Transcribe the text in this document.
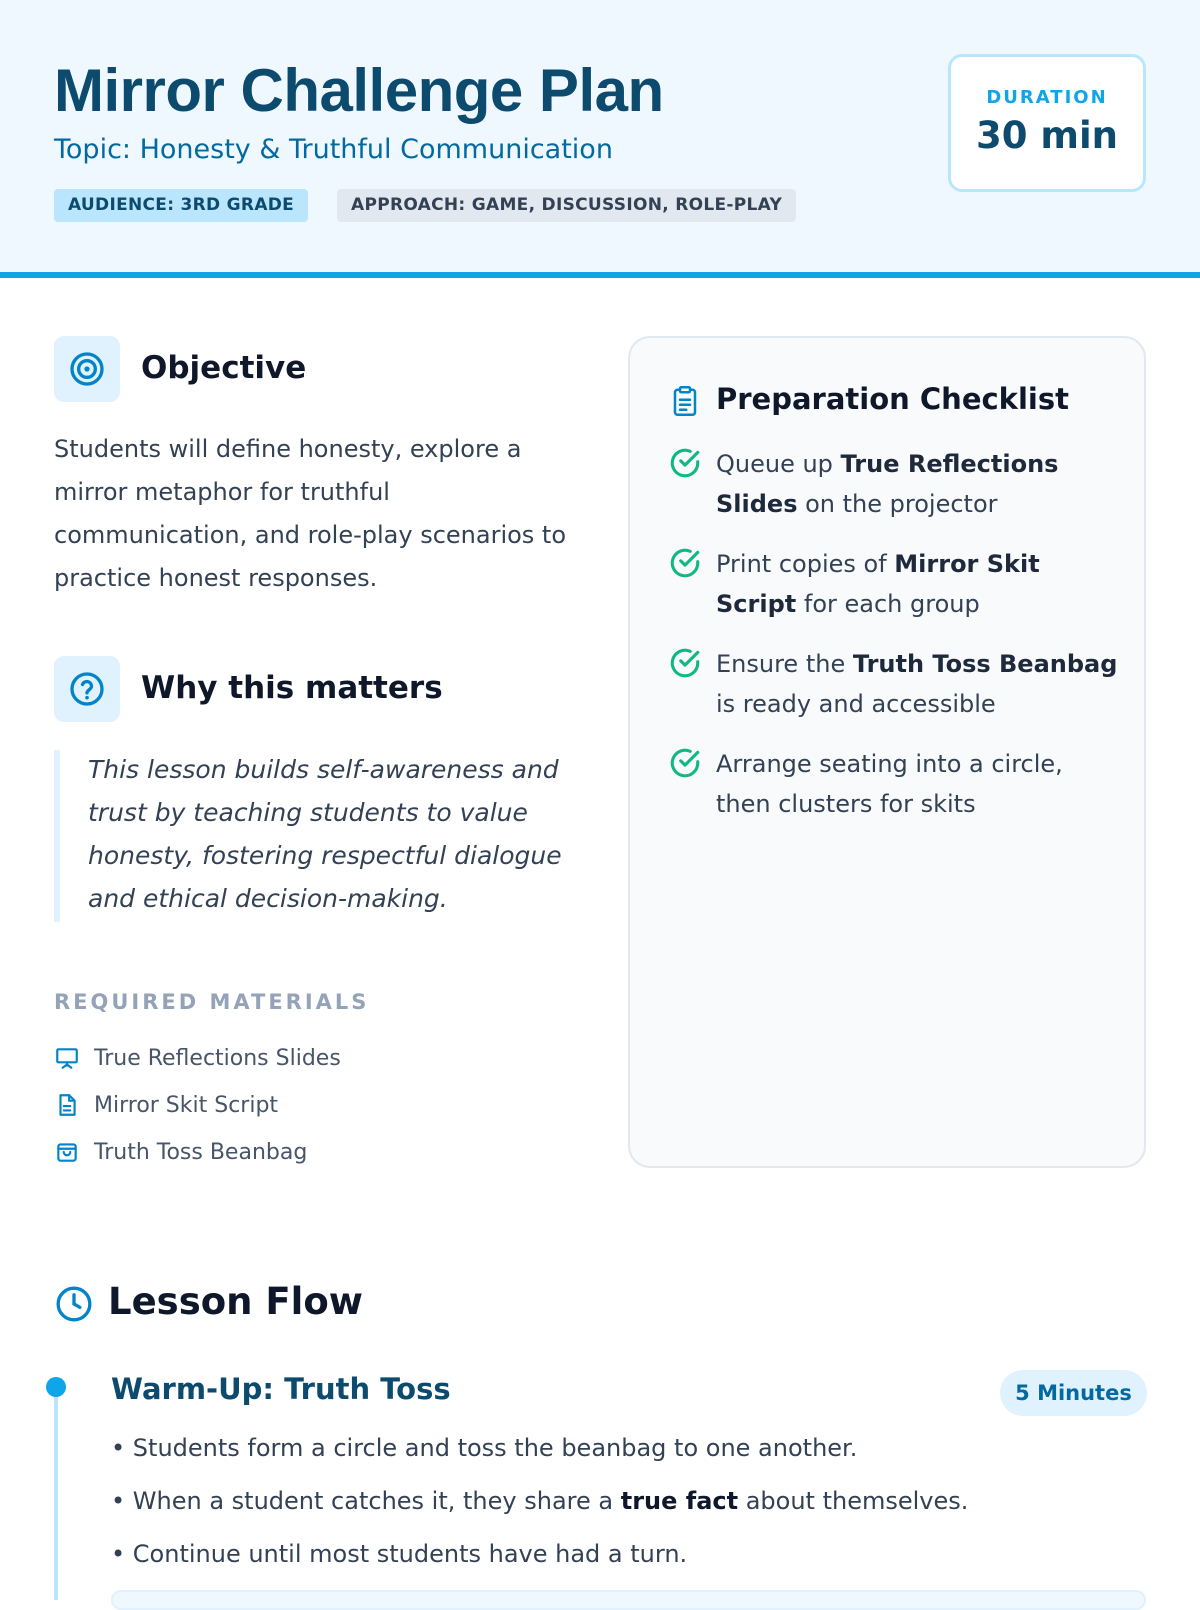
Mirror Challenge Plan
Topic: Honesty & Truthful Communication
AUDIENCE: 3RD GRADE	APPROACH: GAME, DISCUSSION, ROLE-PLAY
DURATION
30 min
Objective
Students will define honesty, explore a mirror metaphor for truthful communication, and role-play scenarios to practice honest responses.
Why this matters
This lesson builds self-awareness and trust by teaching students to value honesty, fostering respectful dialogue and ethical decision-making.
REQUIRED MATERIALS
True Reflections Slides
Mirror Skit Script
Truth Toss Beanbag
Preparation Checklist
Queue up True Reflections Slides on the projector
Print copies of Mirror Skit Script for each group
Ensure the Truth Toss Beanbag is ready and accessible
Arrange seating into a circle, then clusters for skits
Lesson Flow
Warm-Up: Truth Toss	5 Minutes
• Students form a circle and toss the beanbag to one another.
• When a student catches it, they share a true fact about themselves.
• Continue until most students have had a turn.
